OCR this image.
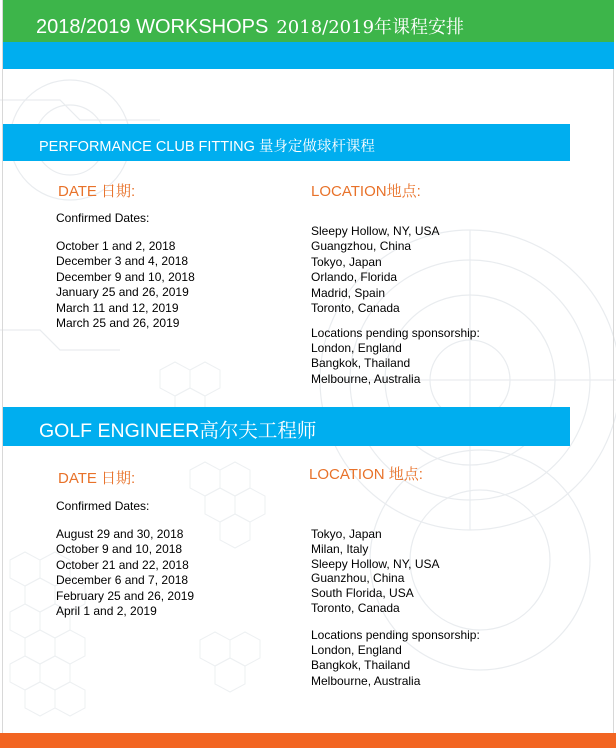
2018/2019 WORKSHOPS 2018/2019年课程安排
PERFORMANCE CLUB FITTING 量身定做球杆课程
DATE 日期:	LOCATION地点:
Confirmed Dates:
October 1 and 2, 2018
December 3 and 4, 2018
December 9 and 10, 2018
January 25 and 26, 2019
March 11 and 12, 2019
March 25 and 26, 2019
Sleepy Hollow, NY, USA
Guangzhou, China
Tokyo, Japan
Orlando, Florida
Madrid, Spain
Toronto, Canada
Locations pending sponsorship:
London, England
Bangkok, Thailand
Melbourne, Australia
GOLF ENGINEER高尔夫工程师
DATE 日期:	LOCATION 地点:
Confirmed Dates:
August 29 and 30, 2018
October 9 and 10, 2018
October 21 and 22, 2018
December 6 and 7, 2018
February 25 and 26, 2019
April 1 and 2, 2019
Tokyo, Japan
Milan, Italy
Sleepy Hollow, NY, USA
Guanzhou, China
South Florida, USA
Toronto, Canada
Locations pending sponsorship:
London, England
Bangkok, Thailand
Melbourne, Australia
